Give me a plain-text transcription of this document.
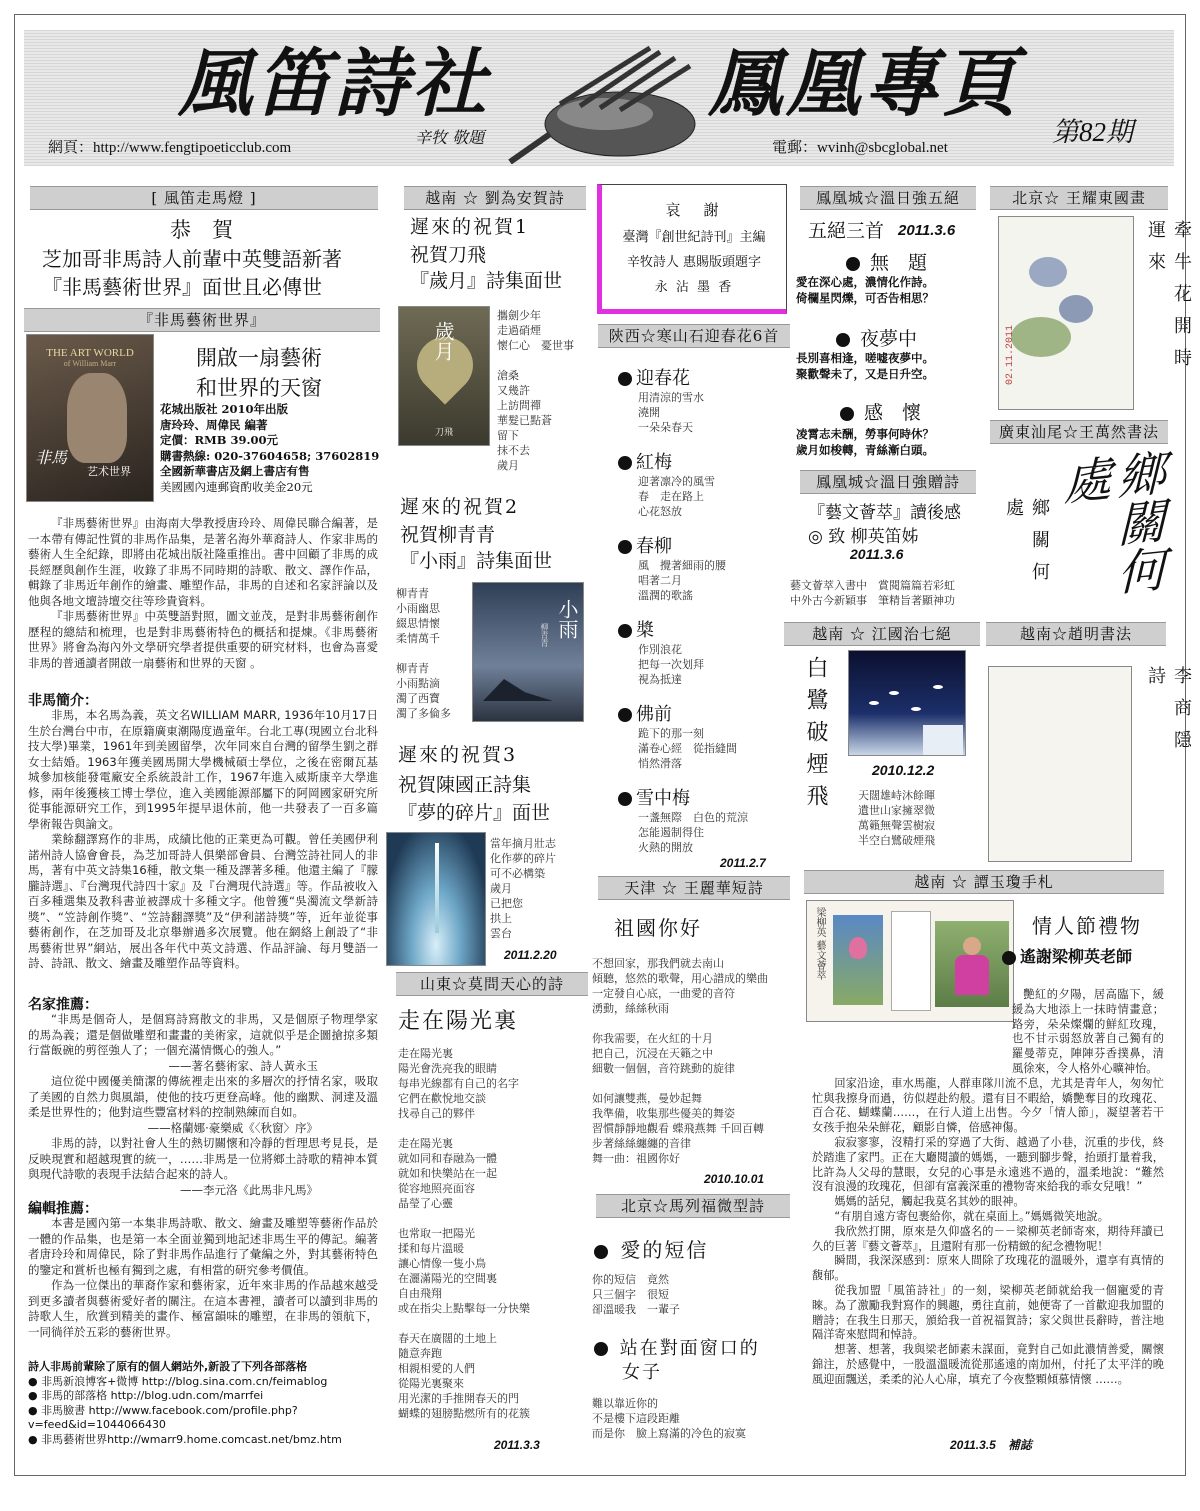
風笛詩社	鳳凰專頁
辛牧 敬題
網頁：http://www.fengtipoeticclub.com	電郵：wvinh@sbcglobal.net
第82期
[ 風笛走馬燈 ]
恭　賀
芝加哥非馬詩人前輩中英雙語新著
『非馬藝術世界』面世且必傳世
『非馬藝術世界』
THE ART WORLD
of William Marr
艺术世界
非馬
開啟一扇藝術
和世界的天窗
花城出版社 2010年出版
唐玲玲、周偉民 編著
定價：RMB 39.00元
購書熱線: 020-37604658; 37602819
全國新華書店及網上書店有售
美國國內連郵資酌收美金20元

『非馬藝術世界』由海南大學教授唐玲玲、周偉民聯合編著，是一本帶有傳記性質的非馬作品集，是著名海外華裔詩人、作家非馬的藝術人生全紀錄，即將由花城出版社隆重推出。書中回顧了非馬的成長經歷與創作生涯，收錄了非馬不同時期的詩歌、散文、譯作作品，輯錄了非馬近年創作的繪畫、雕塑作品，非馬的自述和名家評論以及他與各地文壇詩壇交往等珍貴資料。

『非馬藝術世界』中英雙語對照，圖文並茂，是對非馬藝術創作歷程的總結和梳理，也是對非馬藝術特色的概括和提煉。《非馬藝術世界》將會為海內外文學研究學者提供重要的研究材料，也會為喜愛非馬的普通讀者開啟一扇藝術和世界的天窗 。

非馬簡介：

非馬，本名馬為義，英文名WILLIAM MARR, 1936年10月17日生於台灣台中市，在原籍廣東潮陽度過童年。台北工專(現國立台北科技大學)畢業，1961年到美國留學，次年同來自台灣的留學生劉之群女士結婚。1963年獲美國馬開大學機械碩士學位，之後在密爾瓦基城參加核能發電廠安全系統設計工作，1967年進入威斯康辛大學進修，兩年後獲核工博士學位，進入美國能源部屬下的阿岡國家研究所從事能源研究工作，到1995年提早退休前，他一共發表了一百多篇學術報告與論文。

業餘翻譯寫作的非馬，成績比他的正業更為可觀。曾任美國伊利諾州詩人協會會長，為芝加哥詩人俱樂部會員、台灣笠詩社同人的非馬，著有中英文詩集16種，散文集一種及譯著多種。他還主編了『朦朧詩選』、『台灣現代詩四十家』及『台灣現代詩選』等。作品被收入百多種選集及教科書並被譯成十多種文字。他曾獲“吳濁流文學新詩獎”、“笠詩創作獎”、“笠詩翻譯獎”及“伊利諾詩獎”等，近年並從事藝術創作，在芝加哥及北京舉辦過多次展覽。他在網絡上創設了“非馬藝術世界”網站，展出各年代中英文詩選、作品評論、每月雙語一詩、詩訊、散文、繪畫及雕塑作品等資料。

名家推薦：

“非馬是個奇人，是個寫詩寫散文的非馬，又是個原子物理學家的馬為義；還是個做雕塑和畫畫的美術家，這就似乎是企圖搶掠多類行當飯碗的剪徑強人了；一個充滿情慨心的強人。”

——著名藝術家、詩人黃永玉

這位從中國優美簡潔的傳統裡走出來的多層次的抒情名家，吸取了美國的自然力與風韻，使他的技巧更登高峰。他的幽默、洞達及溫柔是世界性的；他對這些豐富材料的控制熟練而自如。

——格蘭娜·豪樂威《〈秋窗〉序》

非馬的詩，以對社會人生的熱切關懷和冷靜的哲理思考見長，是反映現實和超越現實的統一，……非馬是一位將鄉土詩歌的精神本質與現代詩歌的表現手法結合起來的詩人。

——李元洛《此馬非凡馬》

編輯推薦：

本書是國內第一本集非馬詩歌、散文、繪畫及雕塑等藝術作品於一體的作品集，也是第一本全面並獨到地記述非馬生平的傳記。編著者唐玲玲和周偉民，除了對非馬作品進行了彙編之外，對其藝術特色的鑒定和賞析也極有獨到之處，有相當的研究參考價值。

作為一位傑出的華裔作家和藝術家，近年來非馬的作品越來越受到更多讀者與藝術愛好者的關注。在這本書裡，讀者可以讀到非馬的詩歌人生，欣賞到精美的畫作、極富韻味的雕塑，在非馬的領航下，一同徜徉於五彩的藝術世界。

詩人非馬前輩除了原有的個人網站外,新設了下列各部落格
● 非馬新浪博客+微博 http://blog.sina.com.cn/feimablog
● 非馬的部落格 http://blog.udn.com/marrfei
● 非馬臉書 http://www.facebook.com/profile.php?
v=feed&id=1044066430
● 非馬藝術世界http://wmarr9.home.comcast.net/bmz.htm
越南 ☆ 劉為安賀詩
遲來的祝賀1
祝賀刀飛
『歲月』詩集面世
歲月
刀飛
攜劍少年
走過硝煙
懷仁心　憂世事
滄桑
又幾許
上訪問禪
華髮已點蒼
留下
抹不去
歲月
遲來的祝賀2
祝賀柳青青
『小雨』詩集面世
柳青青
小雨幽思
綴思情懷
柔情萬千
柳青青
小雨點滴
濁了西寶
濁了多倫多
小雨
柳青青
遲來的祝賀3
祝賀陳國正詩集
『夢的碎片』面世
當年摘月壯志
化作夢的碎片
可不必構築
歲月
已把您
拱上
雲台
2011.2.20
山東☆莫問天心的詩
走在陽光裏
走在陽光裏
陽光會洗亮我的眼睛
每串光線都有自己的名字
它們在歡悅地交談
找尋自己的夥伴
走在陽光裏
就如同和春融為一體
就如和快樂站在一起
從容地照亮面容
晶瑩了心靈
也常取一把陽光
揉和每片溫暖
讓心情像一隻小鳥
在灑滿陽光的空間裏
自由飛翔
或在指尖上點擊每一分快樂
春天在廣闊的土地上
隨意奔跑
相親相愛的人們
從陽光裏聚來
用光潔的手推開春天的門
蝴蝶的翅膀點燃所有的花簇
2011.3.3
哀　謝
臺灣『創世紀詩刊』主編
辛牧詩人 惠賜版頭題字
永 沾 墨 香
陝西☆寒山石迎春花6首
迎春花
用清涼的雪水
澆開
一朵朵春天
紅梅
迎著凛冷的風雪
春　走在路上
心花怒放
春柳
風　攪著細雨的腰
唱著二月
溫潤的歌謠
槳
作別浪花
把每一次划拜
視為抵達
佛前
跪下的那一刻
滿卷心經　從指縫間
悄然滑落
雪中梅
一盞無際　白色的荒涼
怎能遏制得住
火熱的開放
2011.2.7
天津 ☆ 王麗華短詩
祖國你好
不想回家，那我們就去南山
傾聽，悠然的歌聲，用心譜成的樂曲
一定發自心底，一曲愛的音符
湧動，絲絲秋雨
你我需要，在火紅的十月
把自己，沉浸在天籟之中
細數一個個，音符跳動的旋律
如何讓雙燕，曼妙起舞
我準備，收集那些優美的舞姿
習慣靜靜地觀看 蝶飛燕舞 千回百轉
步著絲絲纏纏的音律
舞一曲：祖國你好
2010.10.01
北京☆馬列福微型詩
愛的短信
你的短信　竟然
只三個字　很短
卻溫暖我　一輩子
站在對面窗口的
女子
難以靠近你的
不是樓下這段距離
而是你　臉上寫滿的冷色的寂寞
鳳凰城☆溫日強五絕
五絕三首 2011.3.6
無　題
愛在深心處，濃情化作詩。
倚欄星閃爍，可否告相思？
夜夢中
長別喜相逢，嗟嘘夜夢中。
聚歡聲未了，又是日升空。
感　懷
凌霄志未酬，勞事何時休？
歲月如梭轉，青絲漸白頭。
鳳凰城☆溫日強贈詩
『藝文薈萃』讀後感
◎ 致 柳英笛姊
2011.3.6
藝文薈萃入書中　賞閱篇篇若彩虹
中外古今新穎事　筆精旨著顯神功
越南 ☆ 江國治七絕
白鷺破煙飛	2010.12.2
天闊雄峙沐餘暉
遺世山家擁翠微
萬籟無聲雲樹寂
半空白鷺破煙飛
越南 ☆ 譚玉瓊手札
梁柳英 藝文薈萃	情人節禮物
遙謝梁柳英老師

艷紅的夕陽，居高臨下，緩緩為大地添上一抹時情畫意；路旁，朵朵燦爛的鮮紅玫瑰，也不甘示弱怒放著自己獨有的羅曼蒂克，陣陣芬香撲鼻，清風徐來，令人格外心曠神怡。

回家沿途，車水馬龍，人群車隊川流不息，尤其是青年人，匆匆忙忙與我擦身而過，彷似趕赴約般。還有目不暇給，嬌艷奪目的玫瑰花、百合花、蝴蝶蘭……，在行人道上出售。今夕「情人節」，凝望著若干女孩手抱朵朵鮮花，顧影自憐，倍感神傷。

寂寂寥寥，沒精打采的穿過了大街、越過了小巷，沉重的步伐，終於踏進了家門。正在大廳閱讀的媽媽，一聽到腳步聲，抬頭打量着我，比許為人父母的慧眼，女兒的心事是永遠逃不過的，溫柔地說：“難然沒有浪漫的玫瑰花，但卻有富義深重的禮物寄來給我的乖女兒哦！”

媽媽的話兒，觸起我莫名其妙的眼神。

“有朋自遠方寄包裹給你，就在桌面上。”媽媽微笑地說。

我欣然打開，原來是久仰盛名的－－梁柳英老師寄來，期待拜讀已久的巨著『藝文薈萃』，且還附有那一份精緻的紀念禮物呢！

瞬間，我深深感到：原來人間除了玫瑰花的溫暖外，還享有真情的馥郁。

從我加盟「風笛詩社」的一刻，梁柳英老師就給我一個寵愛的青睞。為了激勵我對寫作的興趣，勇往直前，她便寄了一首歡迎我加盟的贈詩；在我生日那天，頒給我一首祝福賀詩；家父與世長辭時，普注地隔洋寄來慰問和悼詩。

想著、想著，我與梁老師素未謀面，竟對自己如此濃情善愛，關懷錦注，於感覺中，一股溫溫暖流從那遙遠的南加州，付托了太平洋的晚風迎面飄送，柔柔的沁人心扉，填充了今夜整顆傾慕情懷 ……。

2011.3.5　補誌
北京☆ 王耀東國畫
02.11.2011	牽牛花開時運來
廣東汕尾☆王萬然書法
鄉關何處	鄉關何處
越南☆趙明書法
李商隱詩
